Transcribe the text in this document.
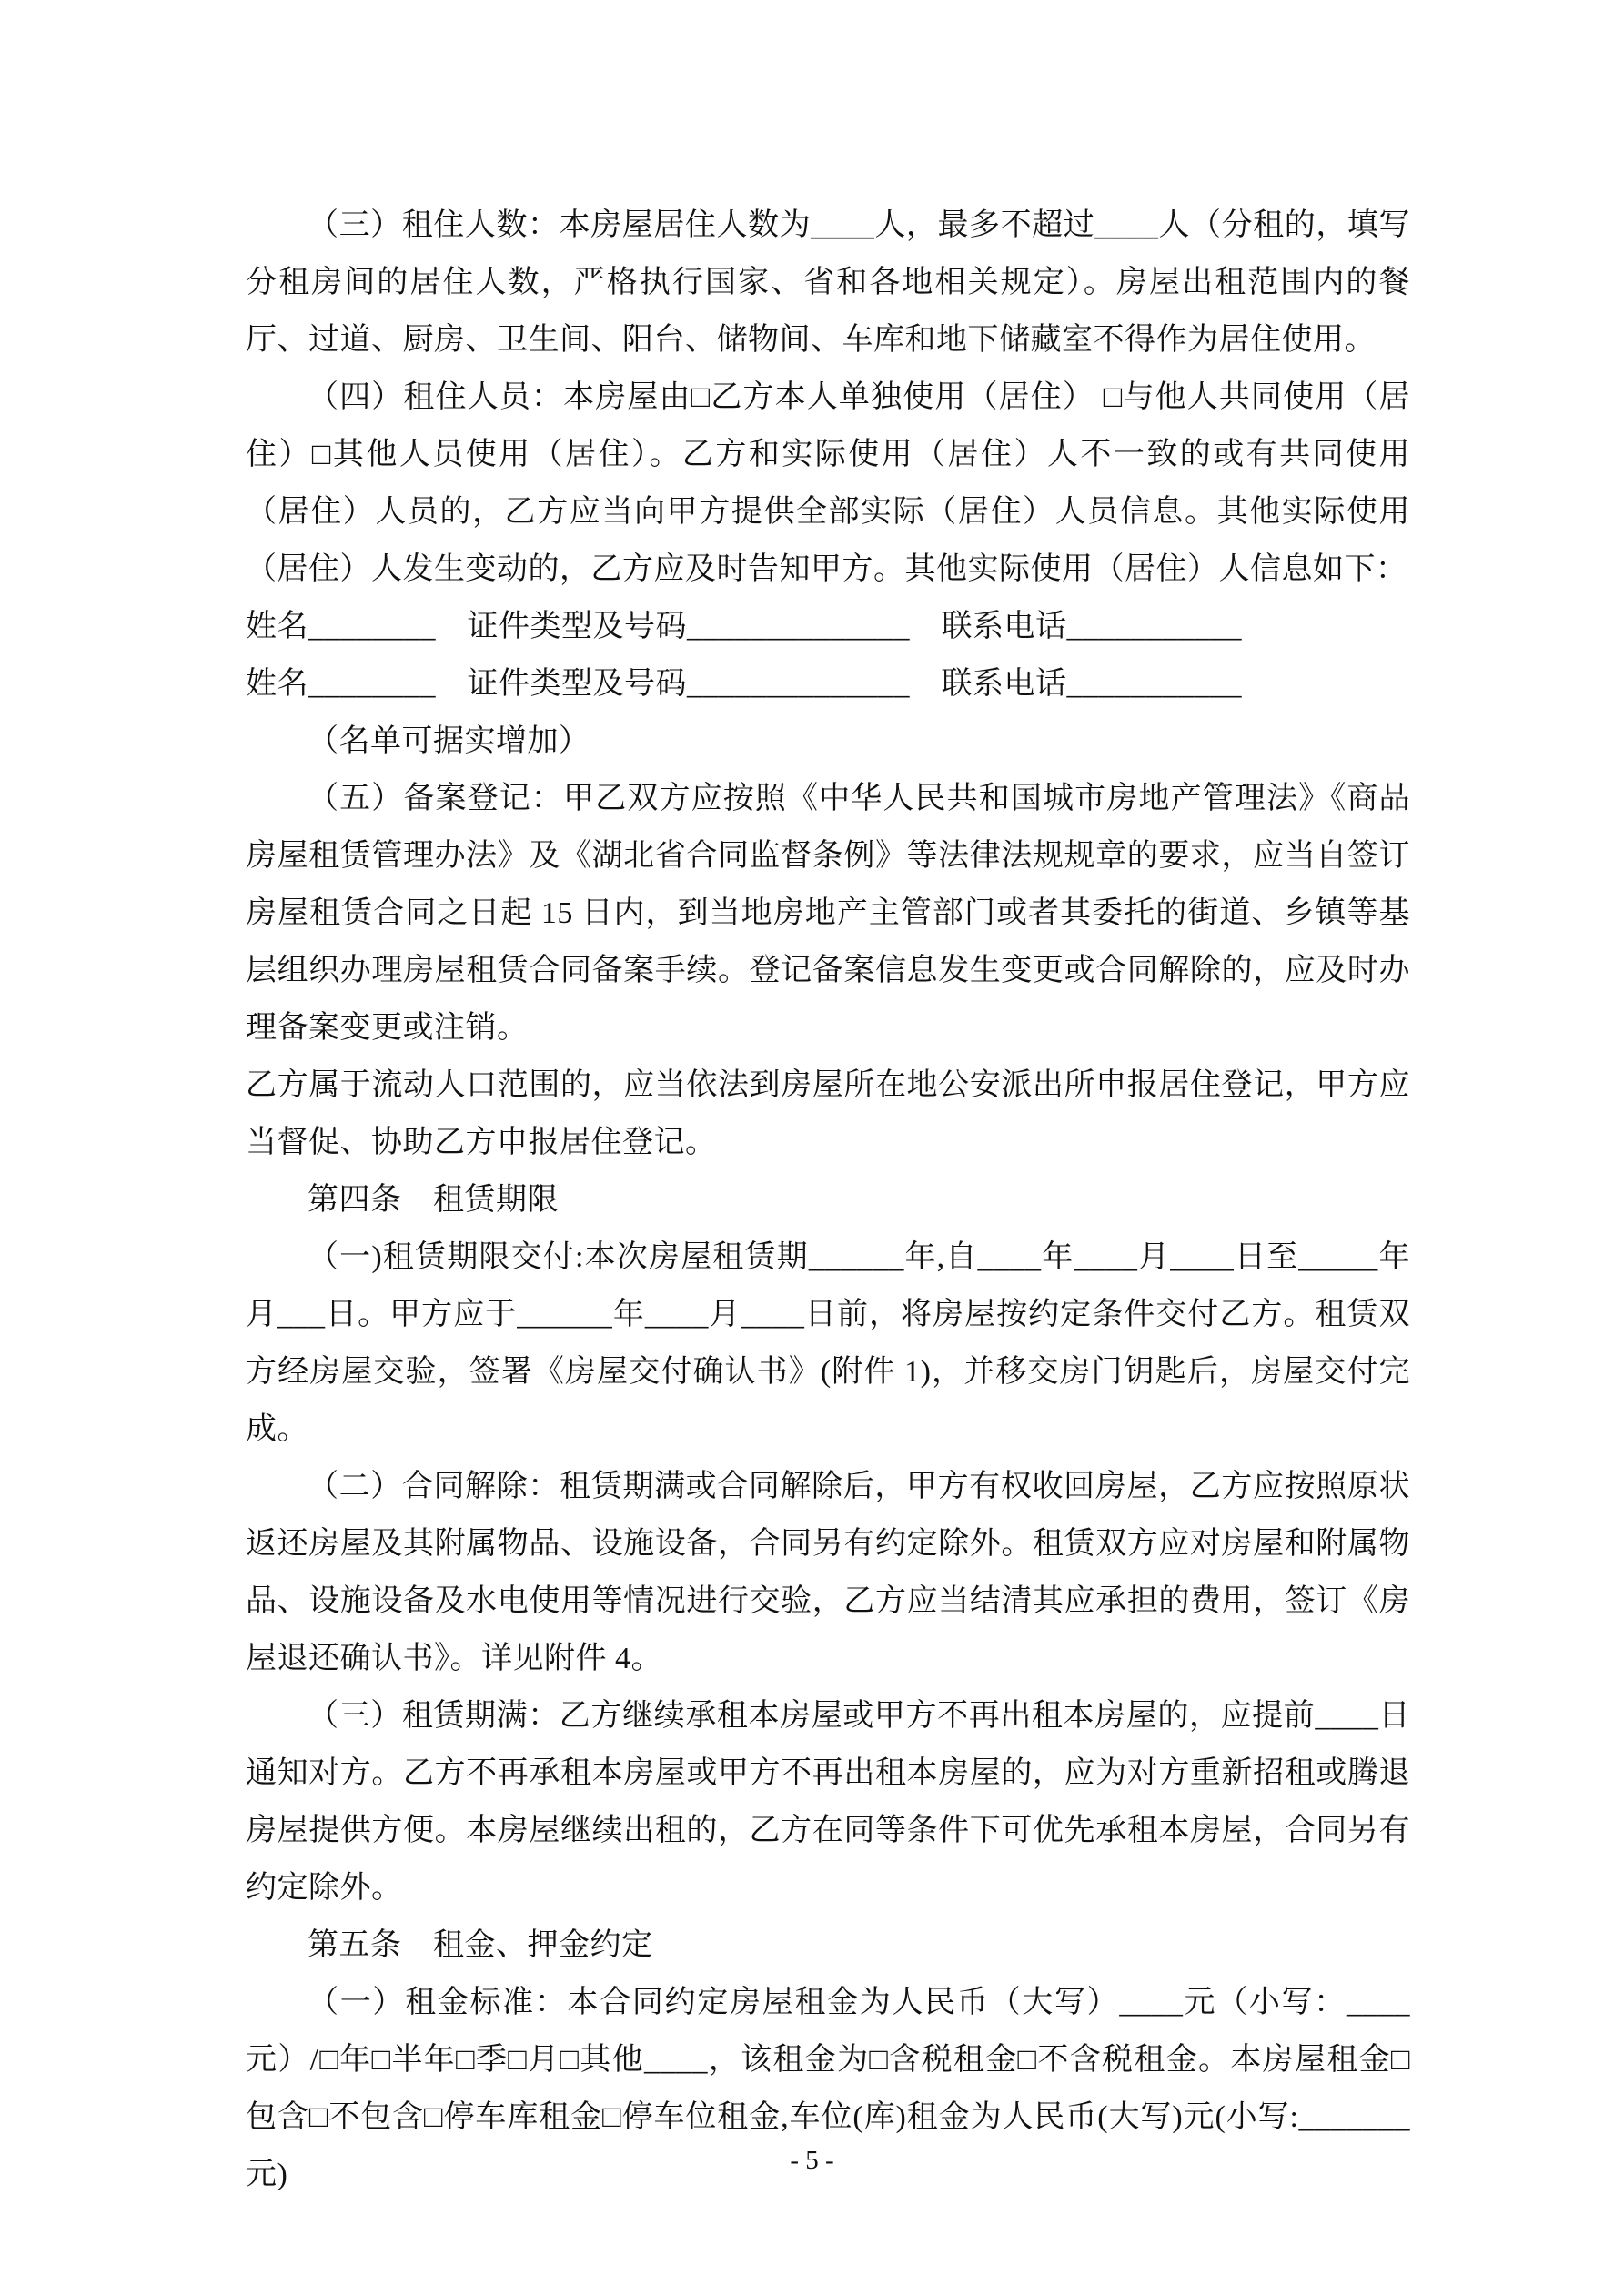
（三）租住人数：本房屋居住人数为____人，最多不超过____人（分租的，填写分租房间的居住人数，严格执行国家、省和各地相关规定）。房屋出租范围内的餐厅、过道、厨房、卫生间、阳台、储物间、车库和地下储藏室不得作为居住使用。

（四）租住人员：本房屋由□乙方本人单独使用（居住） □与他人共同使用（居住）□其他人员使用（居住）。乙方和实际使用（居住）人不一致的或有共同使用（居住）人员的，乙方应当向甲方提供全部实际（居住）人员信息。其他实际使用（居住）人发生变动的，乙方应及时告知甲方。其他实际使用（居住）人信息如下：

姓名________　证件类型及号码______________　联系电话___________

姓名________　证件类型及号码______________　联系电话___________

（名单可据实增加）

（五）备案登记：甲乙双方应按照《中华人民共和国城市房地产管理法》《商品房屋租赁管理办法》及《湖北省合同监督条例》等法律法规规章的要求，应当自签订房屋租赁合同之日起 15 日内，到当地房地产主管部门或者其委托的街道、乡镇等基层组织办理房屋租赁合同备案手续。登记备案信息发生变更或合同解除的，应及时办理备案变更或注销。

乙方属于流动人口范围的，应当依法到房屋所在地公安派出所申报居住登记，甲方应当督促、协助乙方申报居住登记。

第四条　租赁期限

（一)租赁期限交付:本次房屋租赁期______年,自____年____月____日至_____年月___日。甲方应于______年____月____日前，将房屋按约定条件交付乙方。租赁双方经房屋交验，签署《房屋交付确认书》(附件 1)，并移交房门钥匙后，房屋交付完成。

（二）合同解除：租赁期满或合同解除后，甲方有权收回房屋，乙方应按照原状返还房屋及其附属物品、设施设备，合同另有约定除外。租赁双方应对房屋和附属物品、设施设备及水电使用等情况进行交验，乙方应当结清其应承担的费用，签订《房屋退还确认书》。详见附件 4。

（三）租赁期满：乙方继续承租本房屋或甲方不再出租本房屋的，应提前____日通知对方。乙方不再承租本房屋或甲方不再出租本房屋的，应为对方重新招租或腾退房屋提供方便。本房屋继续出租的，乙方在同等条件下可优先承租本房屋，合同另有约定除外。

第五条　租金、押金约定

（一）租金标准：本合同约定房屋租金为人民币（大写）____元（小写：____元）/□年□半年□季□月□其他____，该租金为□含税租金□不含税租金。本房屋租金□包含□不包含□停车库租金□停车位租金,车位(库)租金为人民币(大写)元(小写:_______元)	- 5 -
